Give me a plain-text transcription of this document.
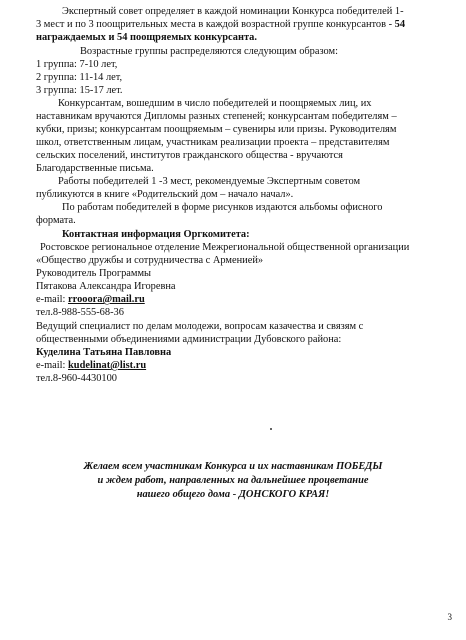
Экспертный совет определяет в каждой номинации Конкурса победителей 1-
3 мест и по 3 поощрительных места в каждой возрастной группе конкурсантов - 54
награждаемых и 54 поощряемых конкурсанта.
Возрастные группы распределяются следующим образом:
1 группа: 7-10 лет,
2 группа: 11-14 лет,
3 группа: 15-17 лет.
Конкурсантам, вошедшим в число победителей и поощряемых лиц, их
наставникам вручаются Дипломы разных степеней; конкурсантам победителям –
кубки, призы; конкурсантам поощряемым – сувениры или призы. Руководителям
школ, ответственным лицам, участникам реализации проекта – представителям
сельских поселений, институтов гражданского общества - вручаются
Благодарственные письма.
Работы победителей 1 -3 мест, рекомендуемые Экспертным советом
публикуются в книге «Родительский дом – начало начал».
По работам победителей в форме рисунков издаются альбомы офисного
формата.
Контактная информация Оргкомитета:
Ростовское региональное отделение Межрегиональной общественной организации
«Общество дружбы и сотрудничества с Арменией»
Руководитель Программы
Пятакова Александра Игоревна
e-mail: rrooora@mail.ru
тел.8-988-555-68-36
Ведущий специалист по делам молодежи, вопросам казачества и связям с
общественными объединениями администрации Дубовского района:
Куделина Татьяна Павловна
e-mail: kudelinat@list.ru
тел.8-960-4430100
Желаем всем участникам Конкурса и их наставникам ПОБЕДЫ
и ждем работ, направленных на дальнейшее процветание
нашего общего дома - ДОНСКОГО КРАЯ!
3
